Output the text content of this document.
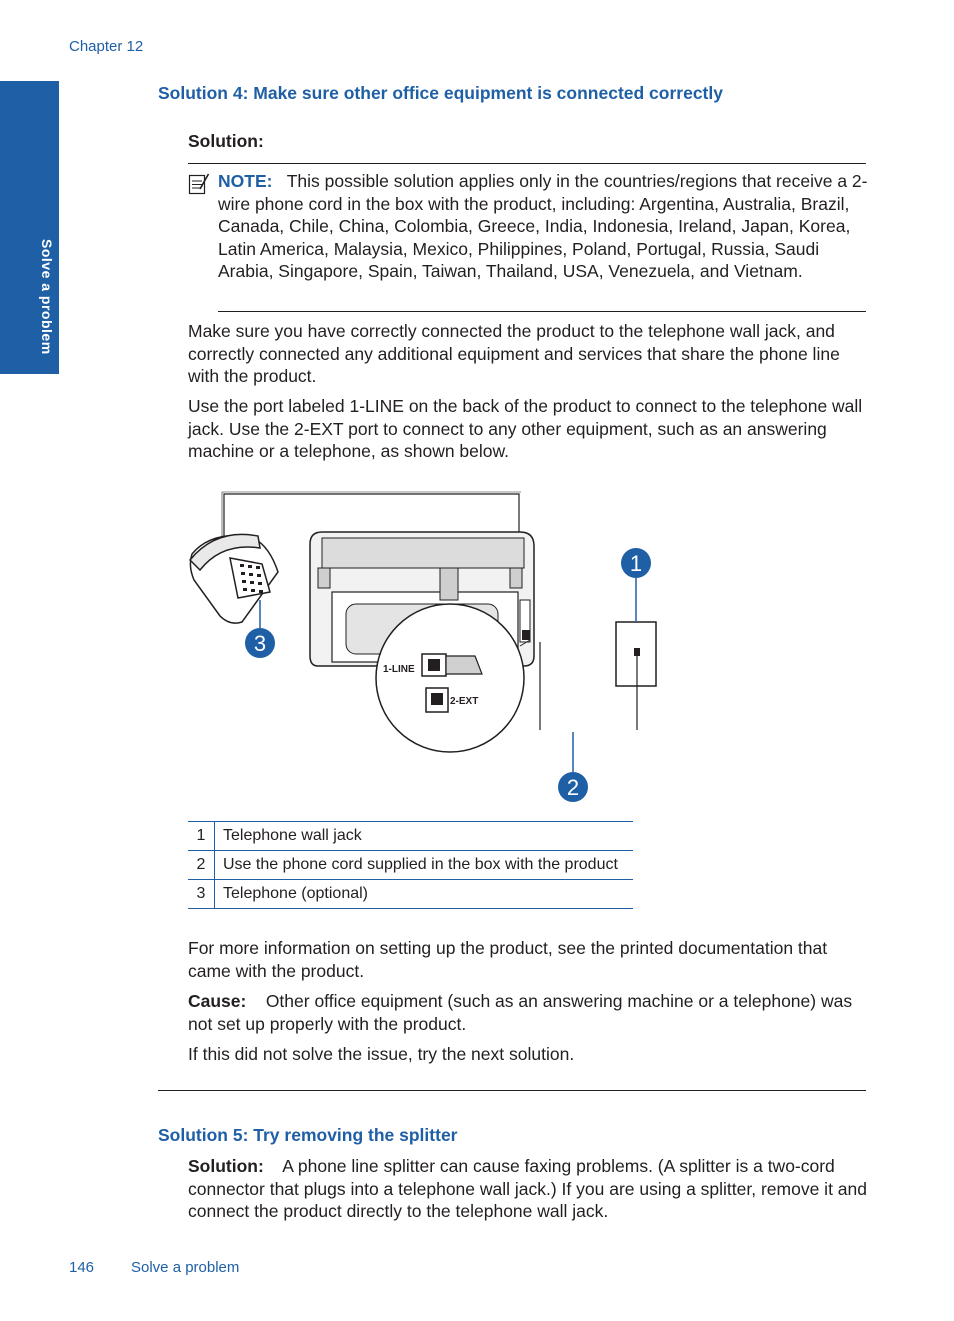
Chapter 12
Solve a problem
Solution 4: Make sure other office equipment is connected correctly
Solution:
NOTE: This possible solution applies only in the countries/regions that receive a 2-wire phone cord in the box with the product, including: Argentina, Australia, Brazil, Canada, Chile, China, Colombia, Greece, India, Indonesia, Ireland, Japan, Korea, Latin America, Malaysia, Mexico, Philippines, Poland, Portugal, Russia, Saudi Arabia, Singapore, Spain, Taiwan, Thailand, USA, Venezuela, and Vietnam.
Make sure you have correctly connected the product to the telephone wall jack, and correctly connected any additional equipment and services that share the phone line with the product.
Use the port labeled 1-LINE on the back of the product to connect to the telephone wall jack. Use the 2-EXT port to connect to any other equipment, such as an answering machine or a telephone, as shown below.
1-LINE
2-EXT
1
2
3
1	Telephone wall jack
2	Use the phone cord supplied in the box with the product
3	Telephone (optional)
For more information on setting up the product, see the printed documentation that came with the product.
Cause: Other office equipment (such as an answering machine or a telephone) was not set up properly with the product.
If this did not solve the issue, try the next solution.
Solution 5: Try removing the splitter
Solution: A phone line splitter can cause faxing problems. (A splitter is a two-cord connector that plugs into a telephone wall jack.) If you are using a splitter, remove it and connect the product directly to the telephone wall jack.
146 Solve a problem
